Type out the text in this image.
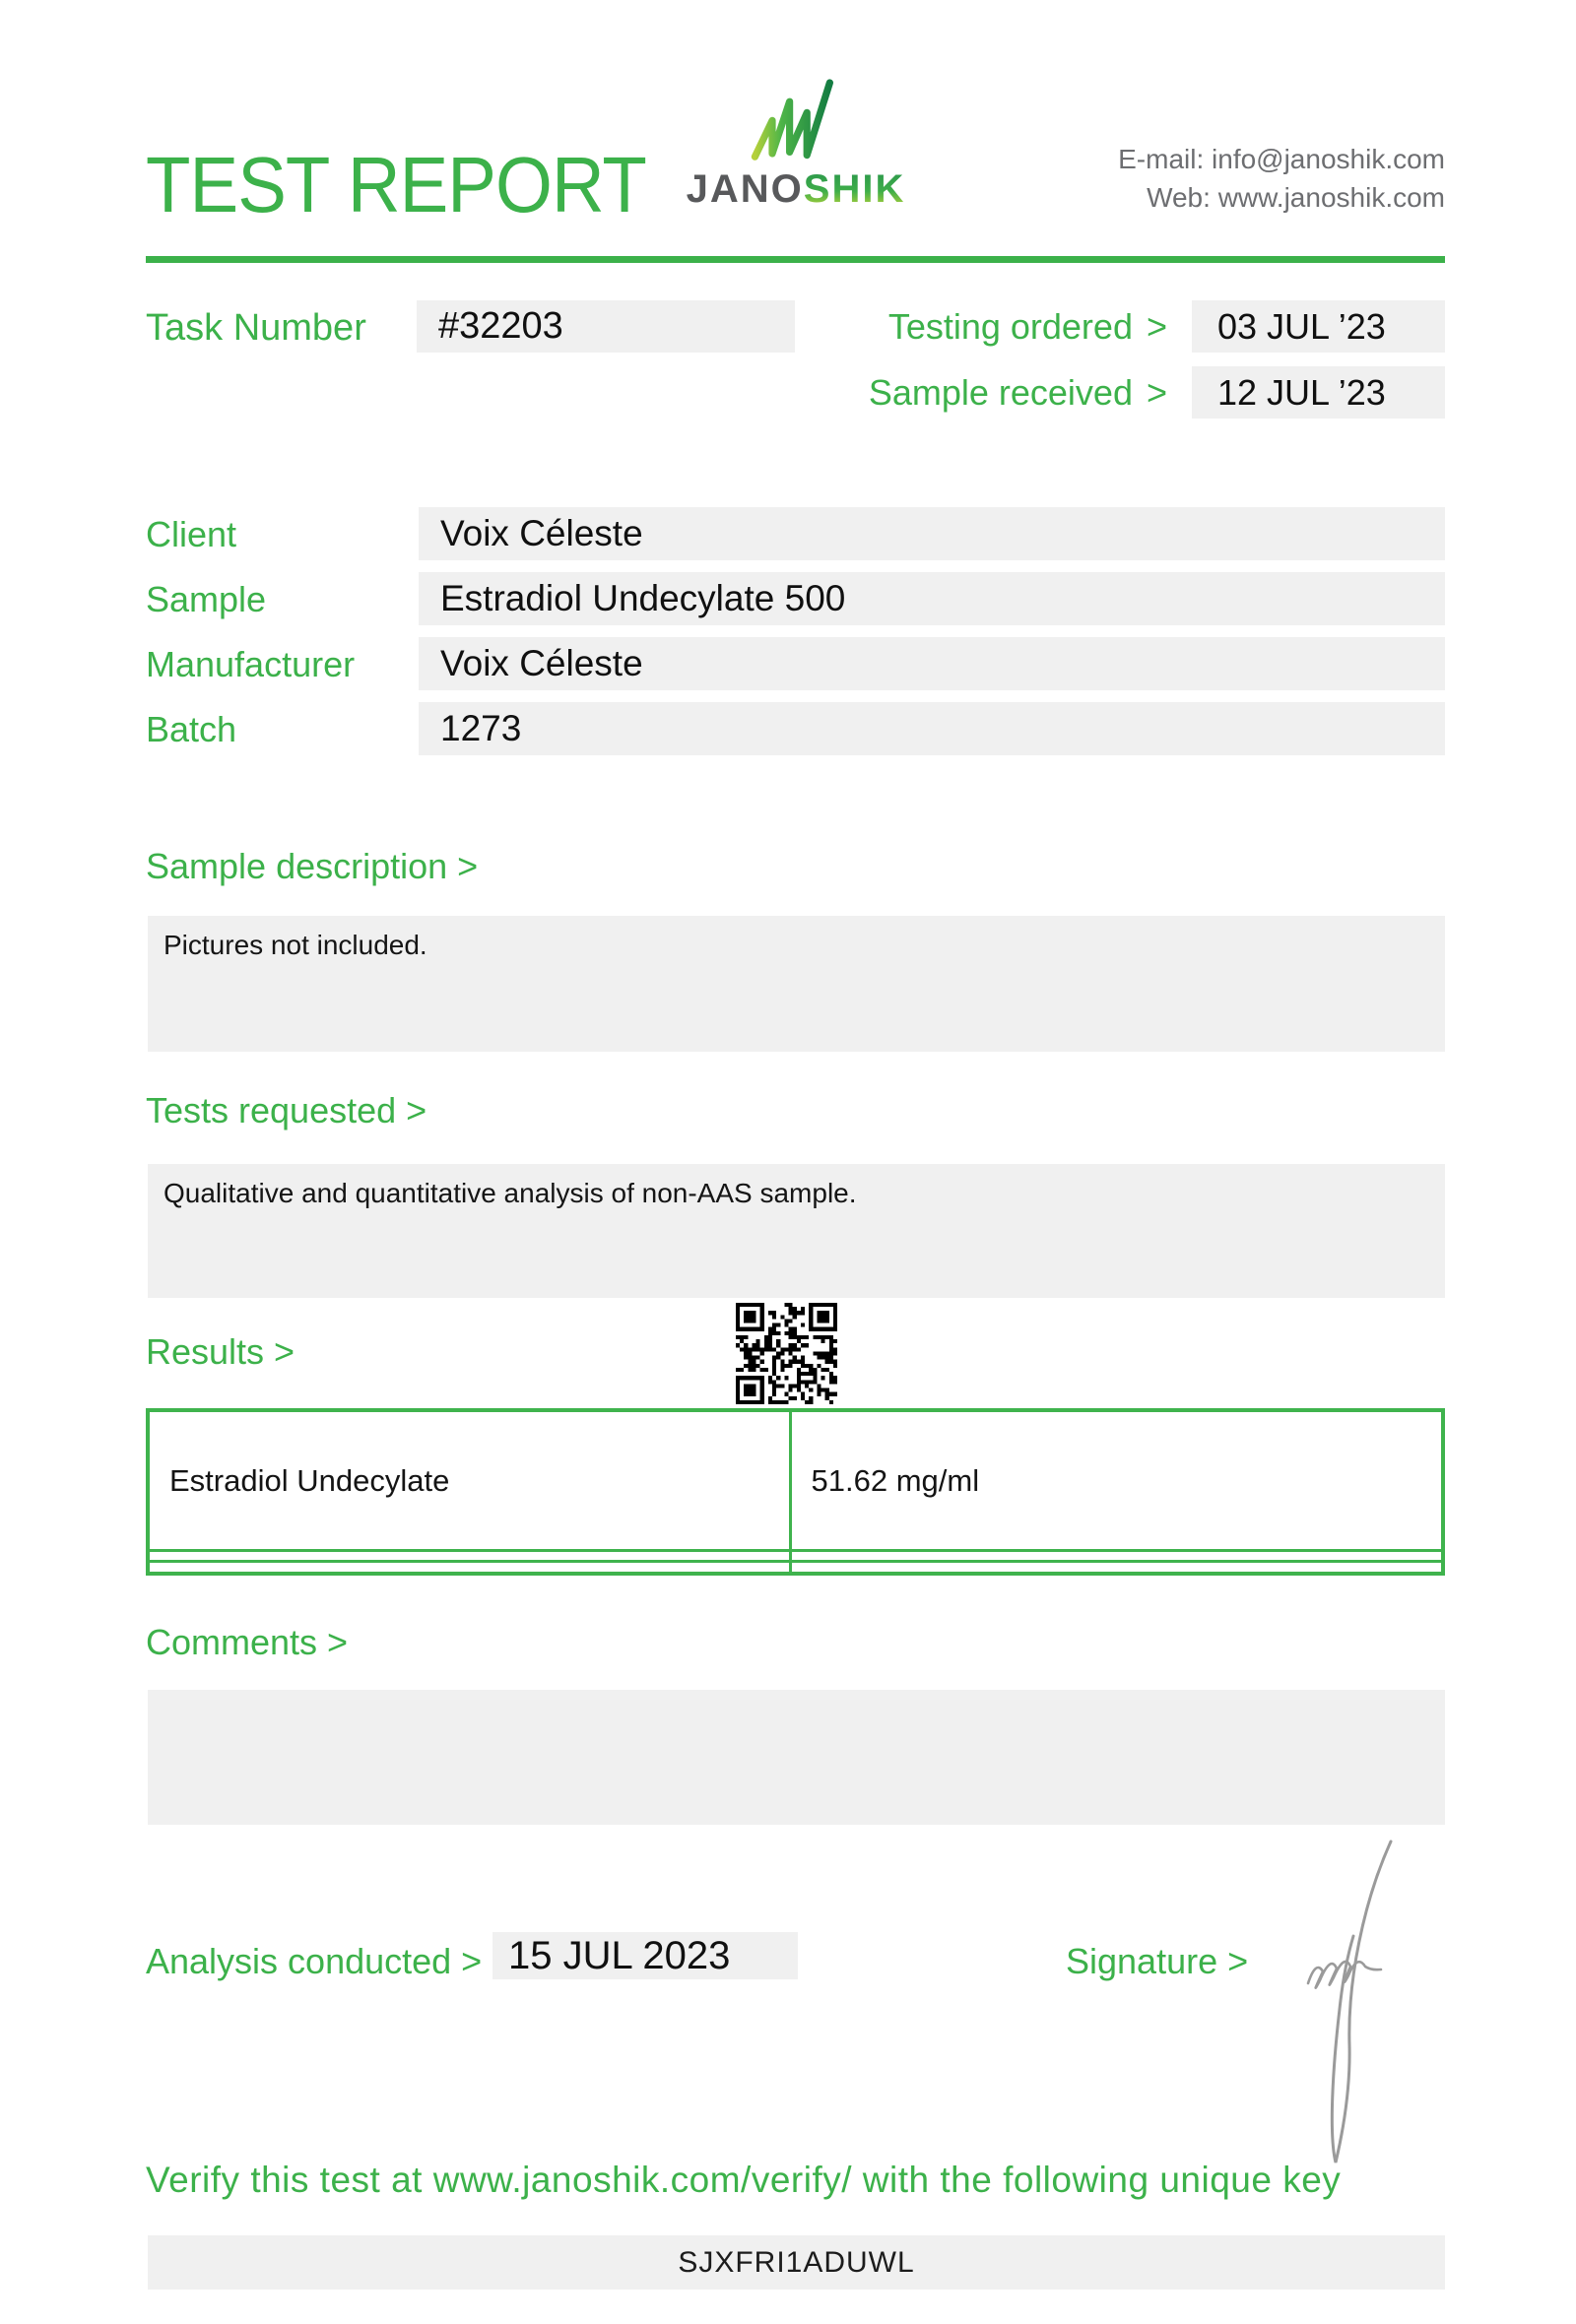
TEST REPORT JANOSHIK
E-mail: info@janoshik.com
Web: www.janoshik.com
Task Number	#32203	Testing ordered >	03 JUL ’23
Sample received >	12 JUL ’23
Client	Voix Céleste
Sample	Estradiol Undecylate 500
Manufacturer	Voix Céleste
Batch	1273
Sample description >
Pictures not included.
Tests requested >
Qualitative and quantitative analysis of non-AAS sample.
Results >
Estradiol Undecylate	51.62 mg/ml

Comments >
Analysis conducted > 15 JUL 2023	Signature >
Verify this test at www.janoshik.com/verify/ with the following unique key
SJXFRI1ADUWL
